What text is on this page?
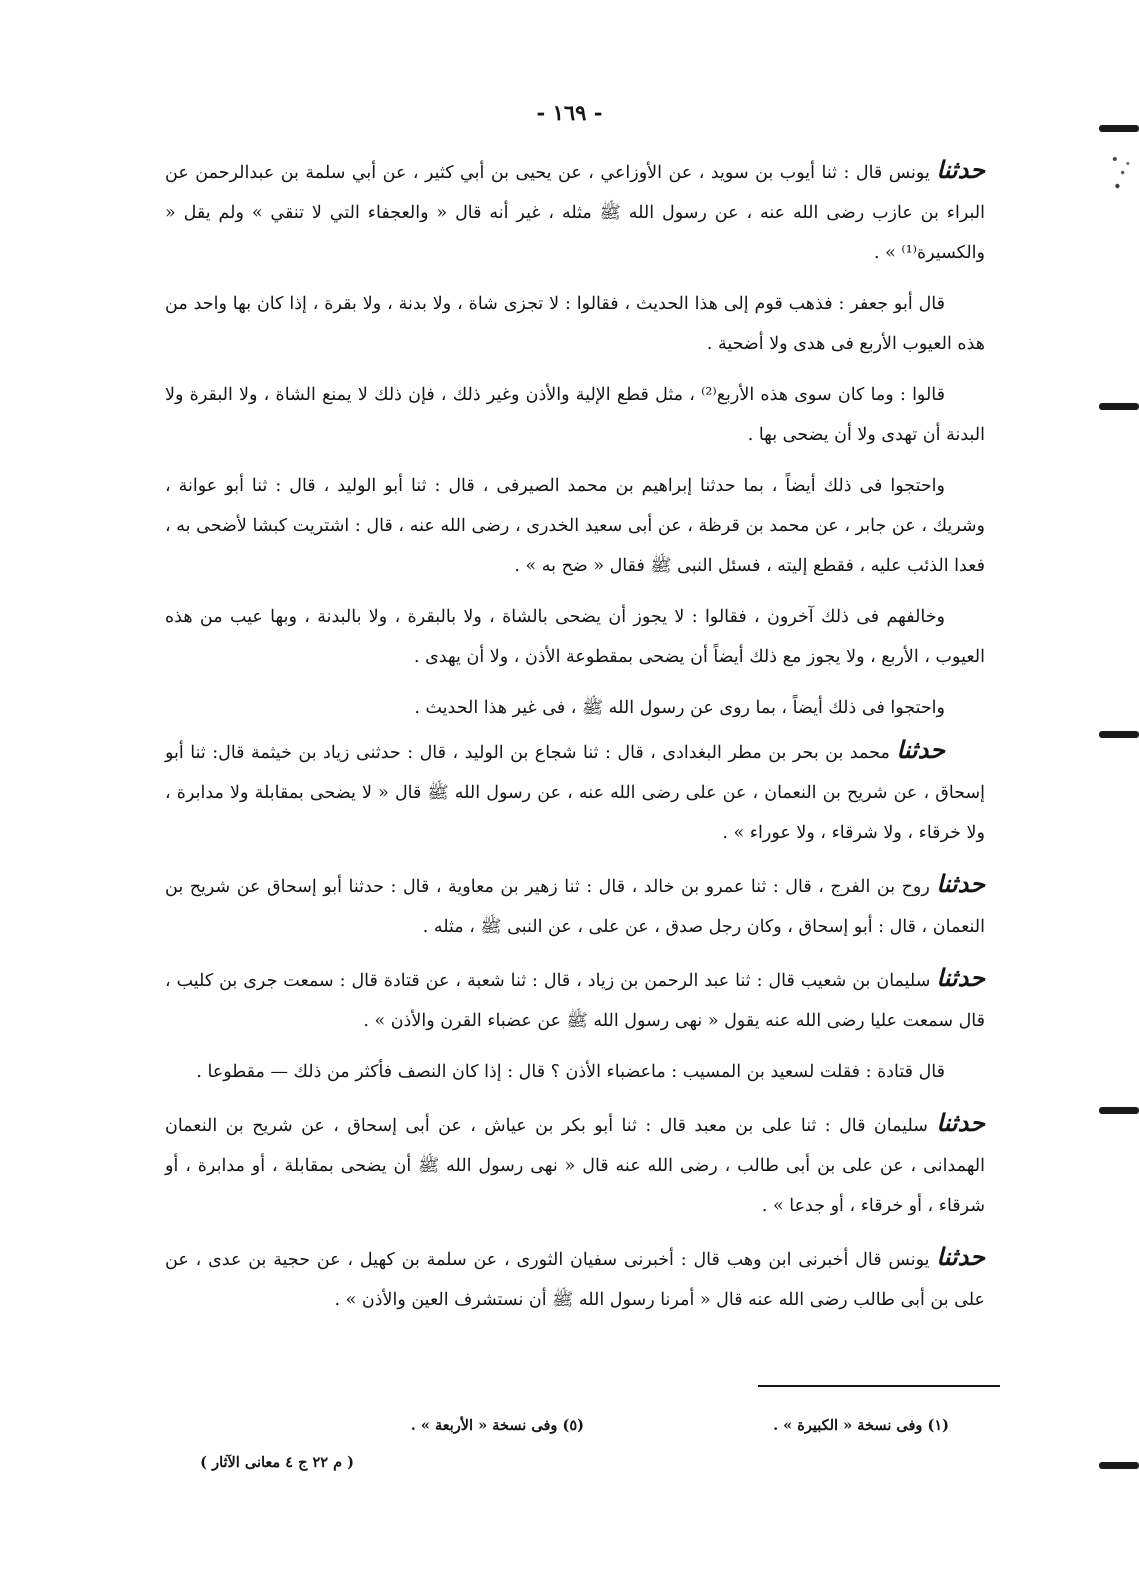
- ١٦٩ -

حدثنا يونس قال : ثنا أيوب بن سويد ، عن الأوزاعي ، عن يحيى بن أبي كثير ، عن أبي سلمة بن عبدالرحمن عن البراء بن عازب رضى الله عنه ، عن رسول الله ﷺ مثله ، غير أنه قال « والعجفاء التي لا تنقي » ولم يقل « والكسيرة⁽¹⁾ » .

قال أبو جعفر : فذهب قوم إلى هذا الحديث ، فقالوا : لا تجزى شاة ، ولا بدنة ، ولا بقرة ، إذا كان بها واحد من هذه العيوب الأربع فى هدى ولا أضحية .

قالوا : وما كان سوى هذه الأربع⁽²⁾ ، مثل قطع الإلية والأذن وغير ذلك ، فإن ذلك لا يمنع الشاة ، ولا البقرة ولا البدنة أن تهدى ولا أن يضحى بها .

واحتجوا فى ذلك أيضاً ، بما حدثنا إبراهيم بن محمد الصيرفى ، قال : ثنا أبو الوليد ، قال : ثنا أبو عوانة ، وشريك ، عن جابر ، عن محمد بن قرظة ، عن أبى سعيد الخدرى ، رضى الله عنه ، قال : اشتريت كبشا لأضحى به ، فعدا الذئب عليه ، فقطع إليته ، فسئل النبى ﷺ فقال « ضح به » .

وخالفهم فى ذلك آخرون ، فقالوا : لا يجوز أن يضحى بالشاة ، ولا بالبقرة ، ولا بالبدنة ، وبها عيب من هذه العيوب ، الأربع ، ولا يجوز مع ذلك أيضاً أن يضحى بمقطوعة الأذن ، ولا أن يهدى .

واحتجوا فى ذلك أيضاً ، بما روى عن رسول الله ﷺ ، فى غير هذا الحديث .

حدثنا محمد بن بحر بن مطر البغدادى ، قال : ثنا شجاع بن الوليد ، قال : حدثنى زياد بن خيثمة قال: ثنا أبو إسحاق ، عن شريح بن النعمان ، عن على رضى الله عنه ، عن رسول الله ﷺ قال « لا يضحى بمقابلة ولا مدابرة ، ولا خرقاء ، ولا شرقاء ، ولا عوراء » .

حدثنا روح بن الفرج ، قال : ثنا عمرو بن خالد ، قال : ثنا زهير بن معاوية ، قال : حدثنا أبو إسحاق عن شريح بن النعمان ، قال : أبو إسحاق ، وكان رجل صدق ، عن على ، عن النبى ﷺ ، مثله .

حدثنا سليمان بن شعيب قال : ثنا عبد الرحمن بن زياد ، قال : ثنا شعبة ، عن قتادة قال : سمعت جرى بن كليب ، قال سمعت عليا رضى الله عنه يقول « نهى رسول الله ﷺ عن عضباء القرن والأذن » .

قال قتادة : فقلت لسعيد بن المسيب : ماعضباء الأذن ؟ قال : إذا كان النصف فأكثر من ذلك — مقطوعا .

حدثنا سليمان قال : ثنا على بن معبد قال : ثنا أبو بكر بن عياش ، عن أبى إسحاق ، عن شريح بن النعمان الهمدانى ، عن على بن أبى طالب ، رضى الله عنه قال « نهى رسول الله ﷺ أن يضحى بمقابلة ، أو مدابرة ، أو شرقاء ، أو خرقاء ، أو جدعا » .

حدثنا يونس قال أخبرنى ابن وهب قال : أخبرنى سفيان الثورى ، عن سلمة بن كهيل ، عن حجية بن عدى ، عن على بن أبى طالب رضى الله عنه قال « أمرنا رسول الله ﷺ أن نستشرف العين والأذن » .

(١) وفى نسخة « الكبيرة » .
(٥) وفى نسخة « الأربعة » .
( م ٢٢ ج ٤ معانى الآثار )
